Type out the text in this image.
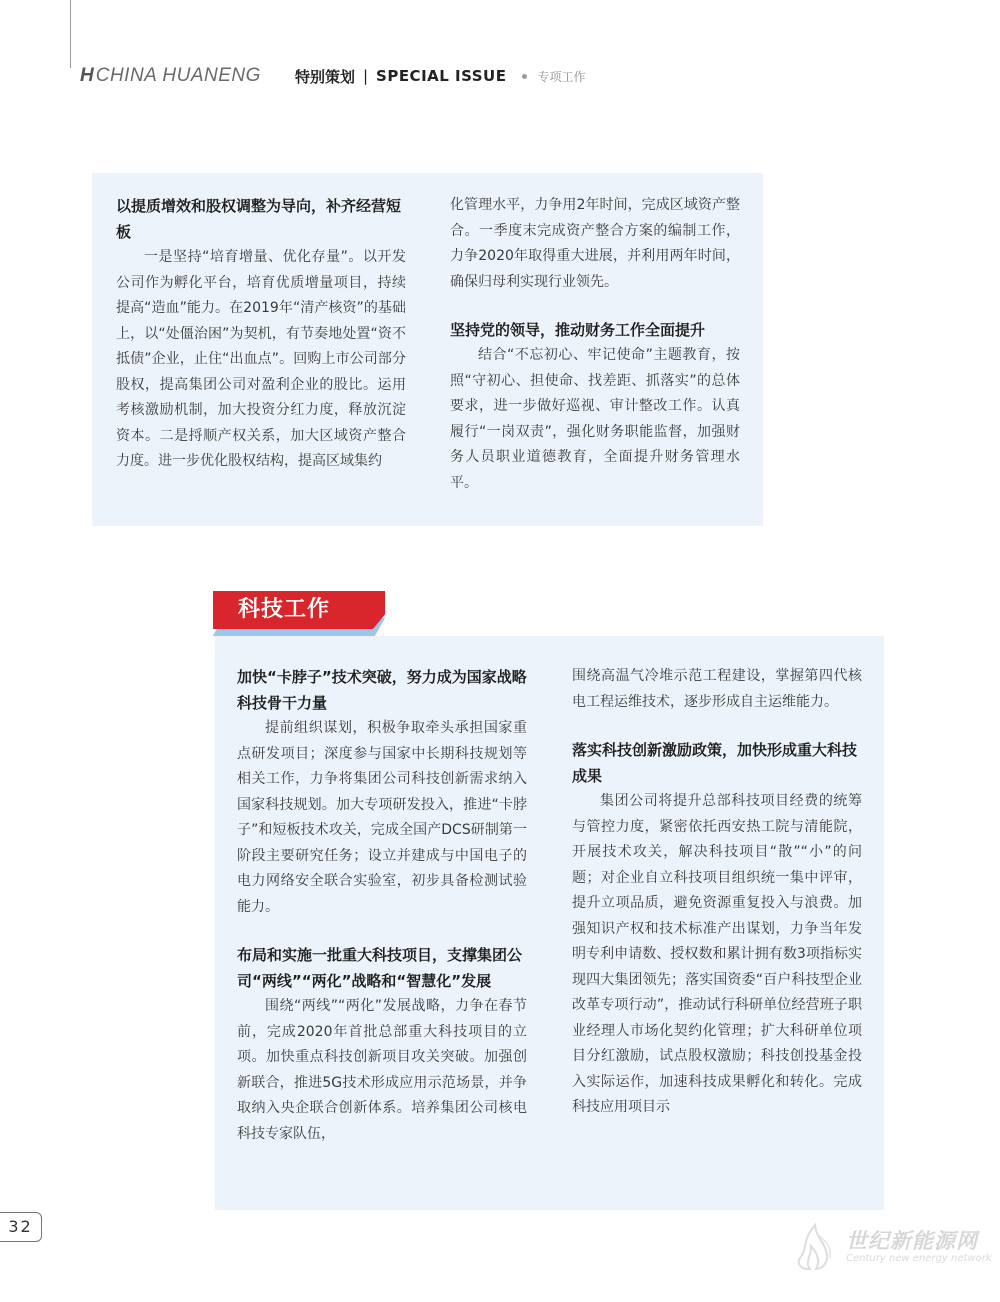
H CHINA HUANENG 特别策划 | SPECIAL ISSUE	专项工作

以提质增效和股权调整为导向，补齐经营短板

一是坚持“培育增量、优化存量”。以开发公司作为孵化平台，培育优质增量项目，持续提高“造血”能力。在2019年“清产核资”的基础上，以“处僵治困”为契机，有节奏地处置“资不抵债”企业，止住“出血点”。回购上市公司部分股权，提高集团公司对盈利企业的股比。运用考核激励机制，加大投资分红力度，释放沉淀资本。二是捋顺产权关系，加大区域资产整合力度。进一步优化股权结构，提高区域集约

化管理水平，力争用2年时间，完成区域资产整合。一季度末完成资产整合方案的编制工作，力争2020年取得重大进展，并利用两年时间，确保归母利实现行业领先。

坚持党的领导，推动财务工作全面提升

结合“不忘初心、牢记使命”主题教育，按照“守初心、担使命、找差距、抓落实”的总体要求，进一步做好巡视、审计整改工作。认真履行“一岗双责”，强化财务职能监督，加强财务人员职业道德教育，全面提升财务管理水平。

加快“卡脖子”技术突破，努力成为国家战略科技骨干力量

提前组织谋划，积极争取牵头承担国家重点研发项目；深度参与国家中长期科技规划等相关工作，力争将集团公司科技创新需求纳入国家科技规划。加大专项研发投入，推进“卡脖子”和短板技术攻关，完成全国产DCS研制第一阶段主要研究任务；设立并建成与中国电子的电力网络安全联合实验室，初步具备检测试验能力。

布局和实施一批重大科技项目，支撑集团公司“两线”“两化”战略和“智慧化”发展

围绕“两线”“两化”发展战略，力争在春节前，完成2020年首批总部重大科技项目的立项。加快重点科技创新项目攻关突破。加强创新联合，推进5G技术形成应用示范场景，并争取纳入央企联合创新体系。培养集团公司核电科技专家队伍，

围绕高温气冷堆示范工程建设，掌握第四代核电工程运维技术，逐步形成自主运维能力。

落实科技创新激励政策，加快形成重大科技成果

集团公司将提升总部科技项目经费的统筹与管控力度，紧密依托西安热工院与清能院，开展技术攻关，解决科技项目“散”“小”的问题；对企业自立科技项目组织统一集中评审，提升立项品质，避免资源重复投入与浪费。加强知识产权和技术标准产出谋划，力争当年发明专利申请数、授权数和累计拥有数3项指标实现四大集团领先；落实国资委“百户科技型企业改革专项行动”，推动试行科研单位经营班子职业经理人市场化契约化管理；扩大科研单位项目分红激励，试点股权激励；科技创投基金投入实际运作，加速科技成果孵化和转化。完成科技应用项目示

科技工作
32
世纪新能源网
Century new energy network
